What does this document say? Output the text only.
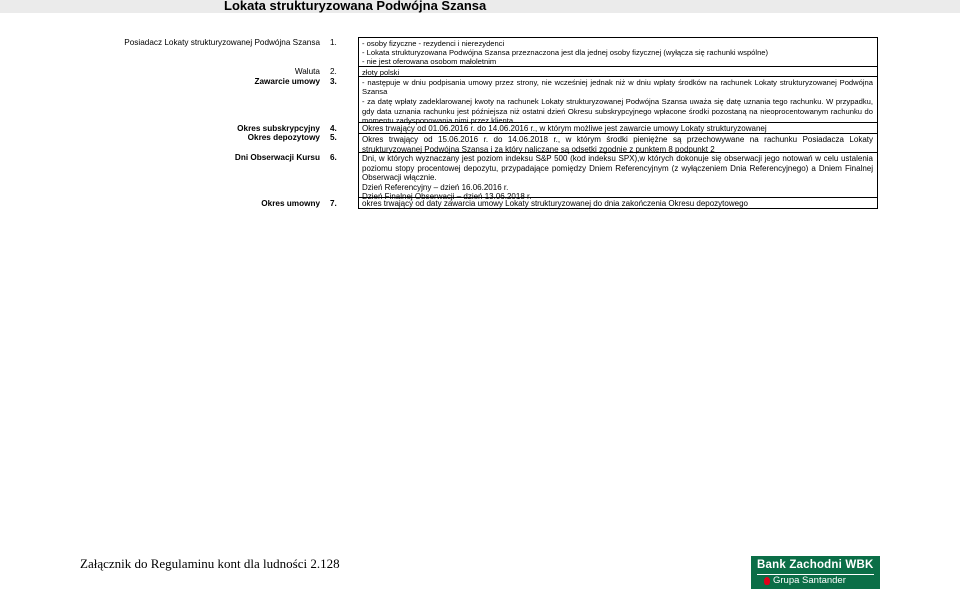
Lokata strukturyzowana Podwójna Szansa
Posiadacz Lokaty strukturyzowanej Podwójna Szansa 1.	- osoby fizyczne - rezydenci i nierezydenci
- Lokata strukturyzowana Podwójna Szansa przeznaczona jest dla jednej osoby fizycznej (wyłącza się rachunki wspólne)
- nie jest oferowana osobom małoletnim
Waluta 2.	złoty polski
Zawarcie umowy 3.	- następuje w dniu podpisania umowy przez strony, nie wcześniej jednak niż w dniu wpłaty środków na rachunek Lokaty strukturyzowanej Podwójna Szansa
- za datę wpłaty zadeklarowanej kwoty na rachunek Lokaty strukturyzowanej Podwójna Szansa uważa się datę uznania tego rachunku. W przypadku, gdy data uznania rachunku jest późniejsza niż ostatni dzień Okresu subskrypcyjnego wpłacone środki pozostaną na nieoprocentowanym rachunku do momentu zadysponowania nimi przez klienta.
Okres subskrypcyjny 4.	Okres trwający od 01.06.2016 r. do 14.06.2016 r., w którym możliwe jest zawarcie umowy Lokaty strukturyzowanej
Okres depozytowy 5.	Okres trwający od 15.06.2016 r. do 14.06.2018 r., w którym środki pieniężne są przechowywane na rachunku Posiadacza Lokaty strukturyzowanej Podwójna Szansa i za który naliczane są odsetki zgodnie z punktem 8 podpunkt 2
Dni Obserwacji Kursu 6.	Dni, w których wyznaczany jest poziom indeksu S&P 500 (kod indeksu SPX),w których dokonuje się obserwacji jego notowań w celu ustalenia poziomu stopy procentowej depozytu, przypadające pomiędzy Dniem Referencyjnym (z wyłączeniem Dnia Referencyjnego) a Dniem Finalnej Obserwacji włącznie.
Dzień Referencyjny – dzień 16.06.2016 r.
Dzień Finalnej Obserwacji – dzień 13.06.2018 r.
Okres umowny 7.	okres trwający od daty zawarcia umowy Lokaty strukturyzowanej do dnia zakończenia Okresu depozytowego
Załącznik do Regulaminu kont dla ludności 2.128	Bank Zachodni WBK
Grupa Santander
